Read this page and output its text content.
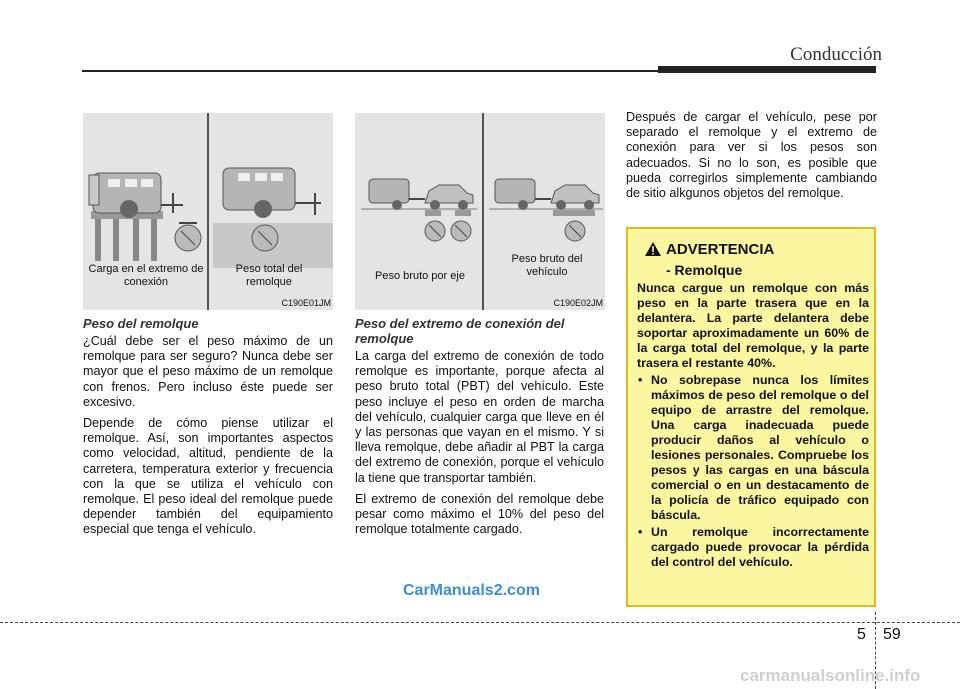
Conducción
Carga en el extremo de conexión
Peso total del remolque
C190E01JM
Peso bruto por eje
Peso bruto del vehículo
C190E02JM
Peso del remolque

¿Cuál debe ser el peso máximo de un remolque para ser seguro? Nunca debe ser mayor que el peso máximo de un remolque con frenos. Pero incluso éste puede ser excesivo.

Depende de cómo piense utilizar el remolque. Así, son importantes aspectos como velocidad, altitud, pendiente de la carretera, temperatura exterior y frecuencia con la que se utiliza el vehículo con remolque. El peso ideal del remolque puede depender también del equipamiento especial que tenga el vehículo.

Peso del extremo de conexión del remolque

La carga del extremo de conexión de todo remolque es importante, porque afecta al peso bruto total (PBT) del vehículo. Este peso incluye el peso en orden de marcha del vehículo, cualquier carga que lleve en él y las personas que vayan en el mismo. Y si lleva remolque, debe añadir al PBT la carga del extremo de conexión, porque el vehículo la tiene que transportar también.

El extremo de conexión del remolque debe pesar como máximo el 10% del peso del remolque totalmente cargado.

Después de cargar el vehículo, pese por separado el remolque y el extremo de conexión para ver si los pesos son adecuados. Si no lo son, es posible que pueda corregirlos simplemente cambiando de sitio alkgunos objetos del remolque.

ADVERTENCIA
- Remolque

Nunca cargue un remolque con más peso en la parte trasera que en la delantera. La parte delantera debe soportar aproximadamente un 60% de la carga total del remolque, y la parte trasera el restante 40%.

• No sobrepase nunca los límites máximos de peso del remolque o del equipo de arrastre del remolque. Una carga inadecuada puede producir daños al vehículo o lesiones personales. Compruebe los pesos y las cargas en una báscula comercial o en un destacamento de la policía de tráfico equipado con báscula.
• Un remolque incorrectamente cargado puede provocar la pérdida del control del vehículo.
CarManuals2.com
5 59
carmanualsonline.info
